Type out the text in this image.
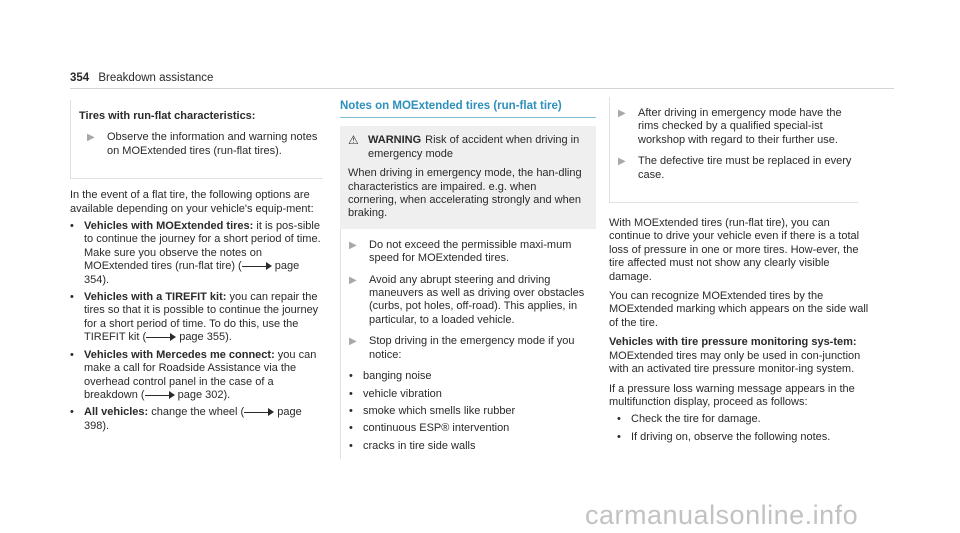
354 Breakdown assistance
Tires with run-flat characteristics:
▶	Observe the information and warning notes on MOExtended tires (run-flat tires).

In the event of a flat tire, the following options are available depending on your vehicle's equip-ment:

• Vehicles with MOExtended tires: it is pos-sible to continue the journey for a short period of time. Make sure you observe the notes on MOExtended tires (run-flat tire) (	page 354).
• Vehicles with a TIREFIT kit: you can repair the tires so that it is possible to continue the journey for a short period of time. To do this, use the TIREFIT kit (	page 355).
• Vehicles with Mercedes me connect: you can make a call for Roadside Assistance via the overhead control panel in the case of a breakdown (	page 302).
• All vehicles: change the wheel (	page 398).
Notes on MOExtended tires (run-flat tire)
⚠ WARNING Risk of accident when driving in emergency mode

When driving in emergency mode, the han-dling characteristics are impaired. e.g. when cornering, when accelerating strongly and when braking.

▶	Do not exceed the permissible maxi-mum speed for MOExtended tires.
▶	Avoid any abrupt steering and driving maneuvers as well as driving over obstacles (curbs, pot holes, off-road). This applies, in particular, to a loaded vehicle.
▶	Stop driving in the emergency mode if you notice:
• banging noise
• vehicle vibration
• smoke which smells like rubber
• continuous ESP® intervention
• cracks in tire side walls
▶	After driving in emergency mode have the rims checked by a qualified special-ist workshop with regard to their further use.
▶	The defective tire must be replaced in every case.

With MOExtended tires (run-flat tire), you can continue to drive your vehicle even if there is a total loss of pressure in one or more tires. How-ever, the tire affected must not show any clearly visible damage.

You can recognize MOExtended tires by the MOExtended marking which appears on the side wall of the tire.

Vehicles with tire pressure monitoring sys-tem: MOExtended tires may only be used in con-junction with an activated tire pressure monitor-ing system.

If a pressure loss warning message appears in the multifunction display, proceed as follows:

• Check the tire for damage.
• If driving on, observe the following notes.
carmanualsonline.info
